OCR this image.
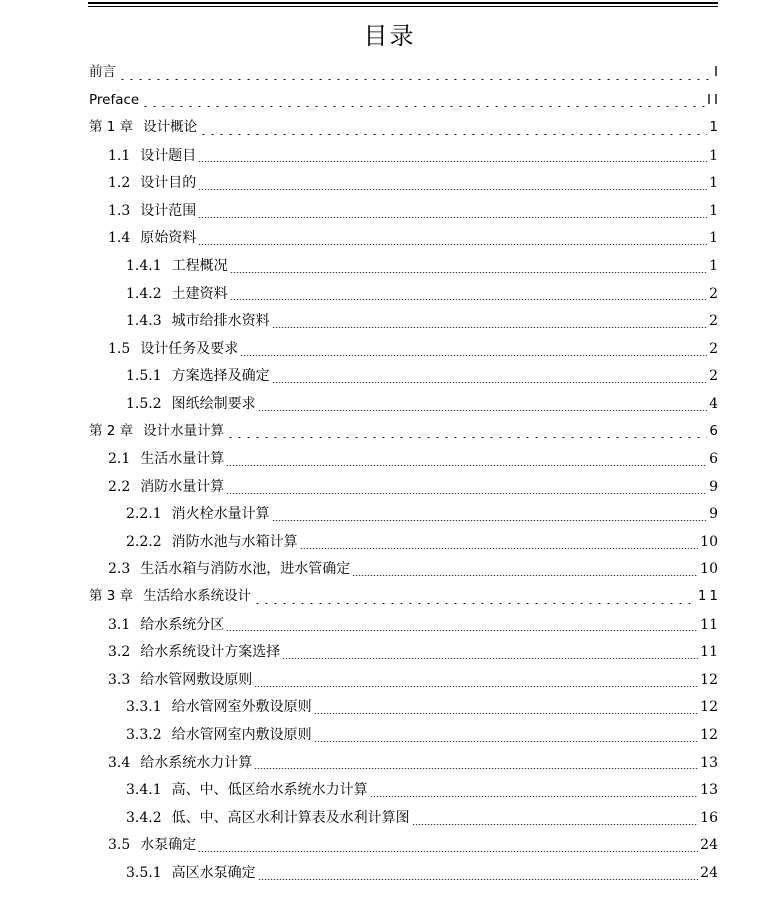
目录
前言	I
Preface	II
第 1 章 设计概论	1
1.1 设计题目	1
1.2 设计目的	1
1.3 设计范围	1
1.4 原始资料	1
1.4.1 工程概况	1
1.4.2 土建资料	2
1.4.3 城市给排水资料	2
1.5 设计任务及要求	2
1.5.1 方案选择及确定	2
1.5.2 图纸绘制要求	4
第 2 章 设计水量计算	6
2.1 生活水量计算	6
2.2 消防水量计算	9
2.2.1 消火栓水量计算	9
2.2.2 消防水池与水箱计算	10
2.3 生活水箱与消防水池，进水管确定	10
第 3 章 生活给水系统设计	11
3.1 给水系统分区	11
3.2 给水系统设计方案选择	11
3.3 给水管网敷设原则	12
3.3.1 给水管网室外敷设原则	12
3.3.2 给水管网室内敷设原则	12
3.4 给水系统水力计算	13
3.4.1 高、中、低区给水系统水力计算	13
3.4.2 低、中、高区水利计算表及水利计算图	16
3.5 水泵确定	24
3.5.1 高区水泵确定	24
